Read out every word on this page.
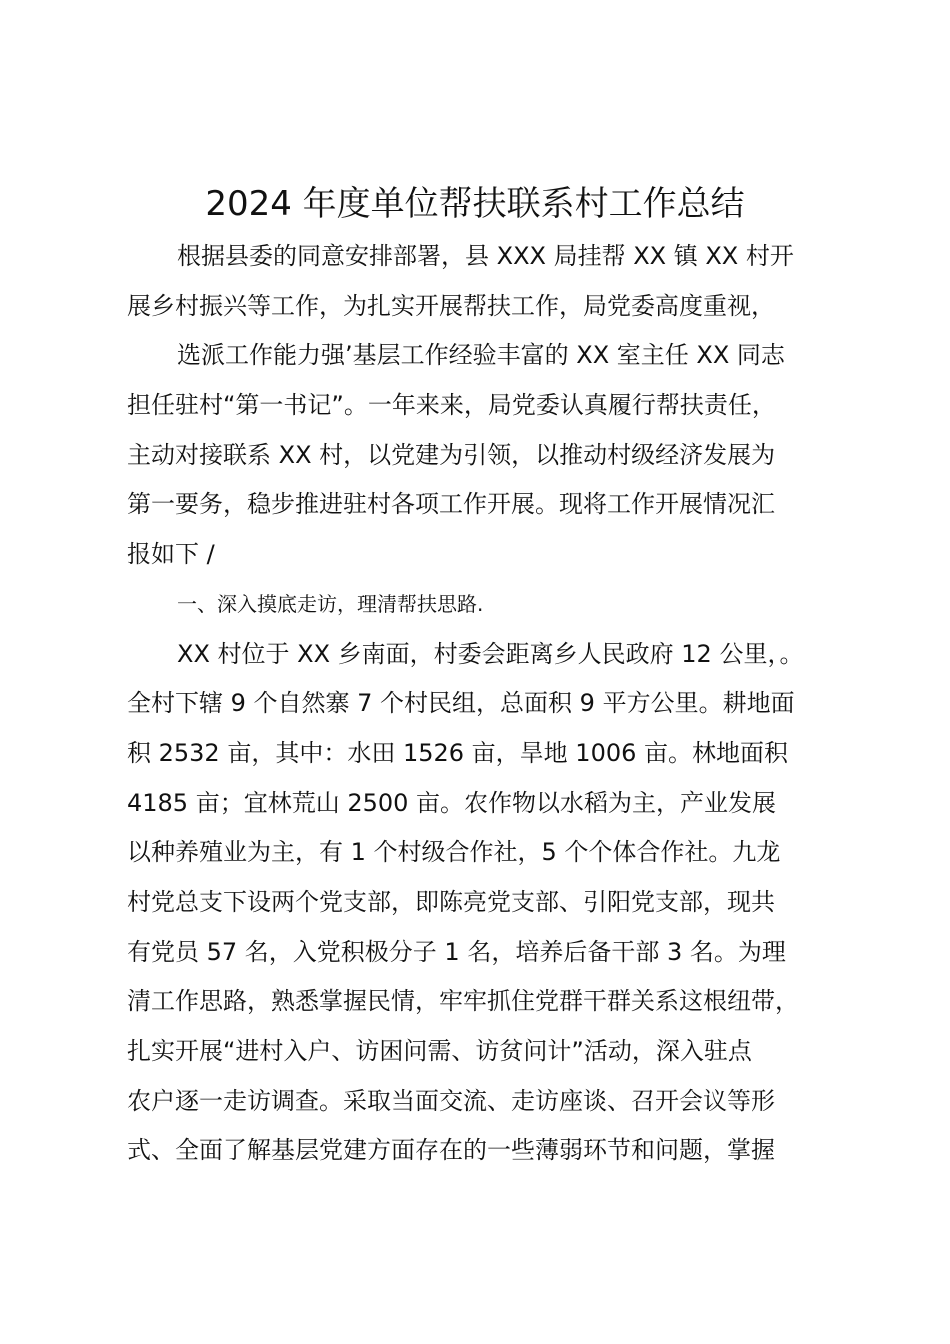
2024 年度单位帮扶联系村工作总结
根据县委的同意安排部署，县 XXX 局挂帮 XX 镇 XX 村开
展乡村振兴等工作，为扎实开展帮扶工作，局党委高度重视，
选派工作能力强’基层工作经验丰富的 XX 室主任 XX 同志
担任驻村“第一书记”。一年来来，局党委认真履行帮扶责任，
主动对接联系 XX 村，以党建为引领，以推动村级经济发展为
第一要务，稳步推进驻村各项工作开展。现将工作开展情况汇
报如下 /
一、深入摸底走访，理清帮扶思路.
XX 村位于 XX 乡南面，村委会距离乡人民政府 12 公里，。
全村下辖 9 个自然寨 7 个村民组，总面积 9 平方公里。耕地面
积 2532 亩，其中：水田 1526 亩，旱地 1006 亩。林地面积
4185 亩；宜林荒山 2500 亩。农作物以水稻为主，产业发展
以种养殖业为主，有 1 个村级合作社，5 个个体合作社。九龙
村党总支下设两个党支部，即陈亮党支部、引阳党支部，现共
有党员 57 名，入党积极分子 1 名，培养后备干部 3 名。为理
清工作思路，熟悉掌握民情，牢牢抓住党群干群关系这根纽带，
扎实开展“进村入户、访困问需、访贫问计”活动，深入驻点
农户逐一走访调查。采取当面交流、走访座谈、召开会议等形
式、全面了解基层党建方面存在的一些薄弱环节和问题，掌握
